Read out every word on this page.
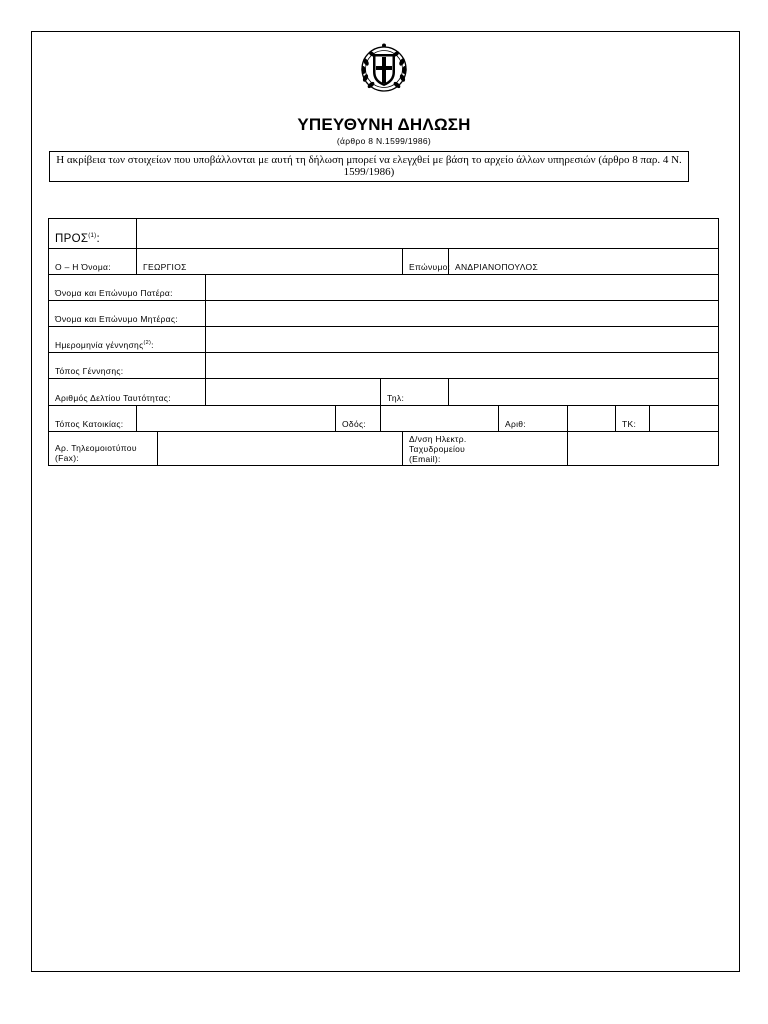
ΥΠΕΥΘΥΝΗ ΔΗΛΩΣΗ
(άρθρο 8 Ν.1599/1986)
Η ακρίβεια των στοιχείων που υποβάλλονται με αυτή τη δήλωση μπορεί να ελεγχθεί με βάση το αρχείο άλλων υπηρεσιών (άρθρο 8 παρ. 4 Ν. 1599/1986)
ΠΡΟΣ$^{(1)}$:											
Ο – Η Όνομα:	ΓΕΩΡΓΙΟΣ					Επώνυμο:	ΑΝΔΡΙΑΝΟΠΟΥΛΟΣ				
Όνομα και Επώνυμο Πατέρα:											
Όνομα και Επώνυμο Μητέρας:											
Ημερομηνία γέννησης$^{(2)}$:											
Τόπος Γέννησης:											
Αριθμός Δελτίου Ταυτότητας:					Τηλ:						
Τόπος Κατοικίας:				Οδός:				Αριθ:		ΤΚ:	
Αρ. Τηλεομοιοτύπου (Fax):						Δ/νση Ηλεκτρ.
Ταχυδρομείου
(Email):					
